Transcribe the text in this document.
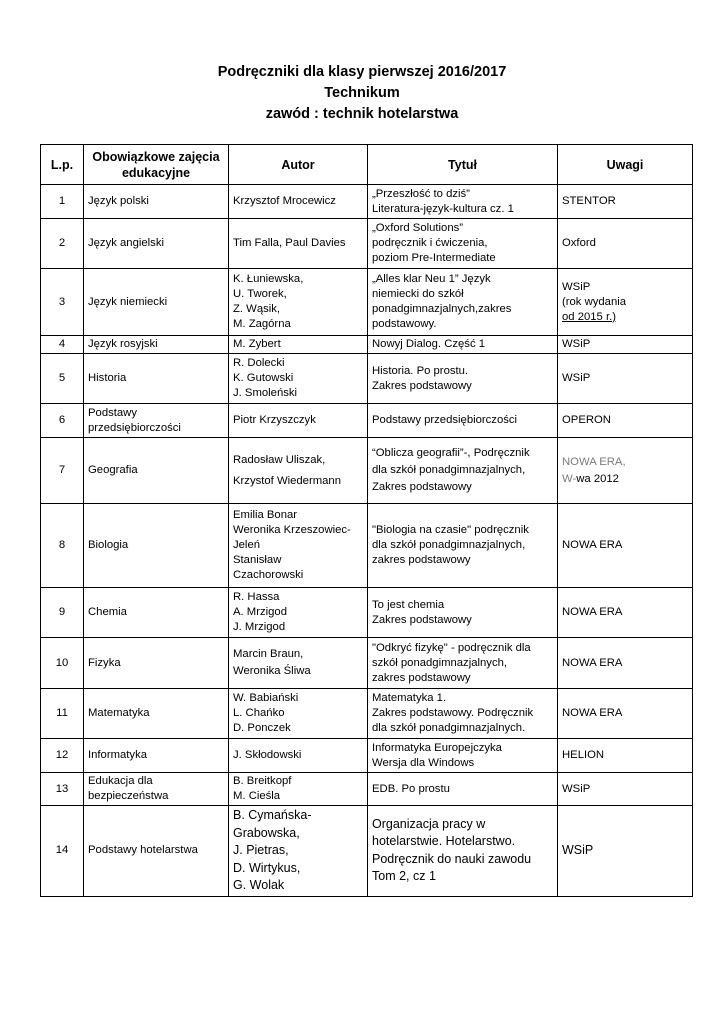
Podręczniki dla klasy pierwszej 2016/2017
Technikum
zawód : technik hotelarstwa
L.p.	Obowiązkowe zajęcia edukacyjne	Autor	Tytuł	Uwagi
1	Język polski	Krzysztof Mrocewicz	„Przeszłość to dziś”
Literatura-język-kultura cz. 1	STENTOR

2	Język angielski	Tim Falla, Paul Davies	„Oxford Solutions”
podręcznik i ćwiczenia,
poziom Pre-Intermediate	Oxford

3	Język niemiecki	K. Łuniewska,
U. Tworek,
Z. Wąsik,
M. Zagórna	„Alles klar Neu 1” Język
niemiecki do szkół
ponadgimnazjalnych,zakres
podstawowy.	WSiP
(rok wydania
od 2015 r.)

4	Język rosyjski	M. Zybert	Nowyj Dialog. Część 1	WSiP

5	Historia	R. Dolecki
K. Gutowski
J. Smoleński	Historia. Po prostu.
Zakres podstawowy	WSiP

6	Podstawy
przedsiębiorczości	Piotr Krzyszczyk	Podstawy przedsiębiorczości	OPERON

7	Geografia	Radosław Uliszak,
Krzystof Wiedermann	“Oblicza geografii”-, Podręcznik
dla szkół ponadgimnazjalnych,
Zakres podstawowy	NOWA ERA,
W-wa 2012

8	Biologia	Emilia Bonar
Weronika Krzeszowiec-
Jeleń
Stanisław
Czachorowski	"Biologia na czasie" podręcznik
dla szkół ponadgimnazjalnych,
zakres podstawowy	NOWA ERA

9	Chemia	R. Hassa
A. Mrzigod
J. Mrzigod	To jest chemia
Zakres podstawowy	NOWA ERA

10	Fizyka	Marcin Braun,
Weronika Śliwa	"Odkryć fizykę" - podręcznik dla
szkół ponadgimnazjalnych,
zakres podstawowy	NOWA ERA

11	Matematyka	W. Babiański
L. Chańko
D. Ponczek	Matematyka 1.
Zakres podstawowy. Podręcznik
dla szkół ponadgimnazjalnych.	NOWA ERA

12	Informatyka	J. Skłodowski	Informatyka Europejczyka
Wersja dla Windows	HELION

13	Edukacja dla
bezpieczeństwa	B. Breitkopf
M. Cieśla	EDB. Po prostu	WSiP

14	Podstawy hotelarstwa	B. Cymańska-
Grabowska,
J. Pietras,
D. Wirtykus,
G. Wolak	Organizacja pracy w
hotelarstwie. Hotelarstwo.
Podręcznik do nauki zawodu
Tom 2, cz 1	WSiP
